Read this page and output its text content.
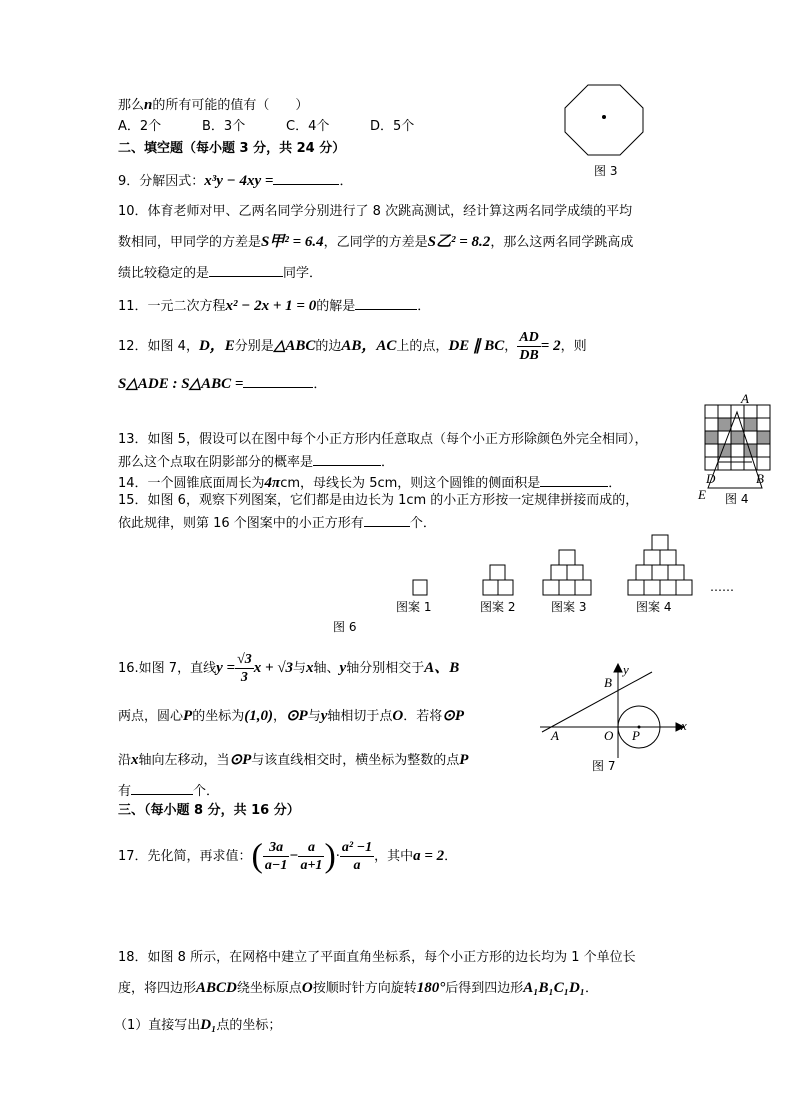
那么n的所有可能的值有（　　）
A．2个	B．3个	C．4个	D．5个
二、填空题（每小题 3 分，共 24 分）
9．分解因式：x³y − 4xy =	．
10．体育老师对甲、乙两名同学分别进行了 8 次跳高测试，经计算这两名同学成绩的平均
数相同，甲同学的方差是S甲² = 6.4，乙同学的方差是S乙² = 8.2，那么这两名同学跳高成
绩比较稳定的是	同学．
11．一元二次方程x² − 2x + 1 = 0的解是	．
12．如图 4，D，E分别是△ABC的边AB，AC上的点，DE ∥ BC， $\frac{AD}{DB} = 2$，则
S△ADE : S△ABC =	．
13．如图 5，假设可以在图中每个小正方形内任意取点（每个小正方形除颜色外完全相同），
那么这个点取在阴影部分的概率是	．
14．一个圆锥底面周长为4πcm，母线长为 5cm，则这个圆锥的侧面积是	．
15．如图 6，观察下列图案，它们都是由边长为 1cm 的小正方形按一定规律拼接而成的，
依此规律，则第 16 个图案中的小正方形有	个．
16.如图 7，直线$y = \frac{√3}{3}$ x + √3与x轴、y轴分别相交于A、B
两点，圆心P的坐标为(1,0)，⊙P与y轴相切于点O．若将⊙P
沿x轴向左移动，当⊙P与该直线相交时，横坐标为整数的点P
有	个．
三、（每小题 8 分，共 16 分）
17．先化简，再求值：( $\frac{3a}{a-1} - \frac{a}{a+1}$ )· $\frac{\text{a² −1}}{a}$ ，其中a = 2．
18．如图 8 所示，在网格中建立了平面直角坐标系，每个小正方形的边长均为 1 个单位长
度，将四边形ABCD绕坐标原点O按顺时针方向旋转180°后得到四边形A₁B₁C₁D₁．
（1）直接写出D₁点的坐标；
图 3
A
D	B
E 图 4
图 6
图案 1	图案 2	图案 3	图案 4
……
y
B
A	O P
x
图 7
